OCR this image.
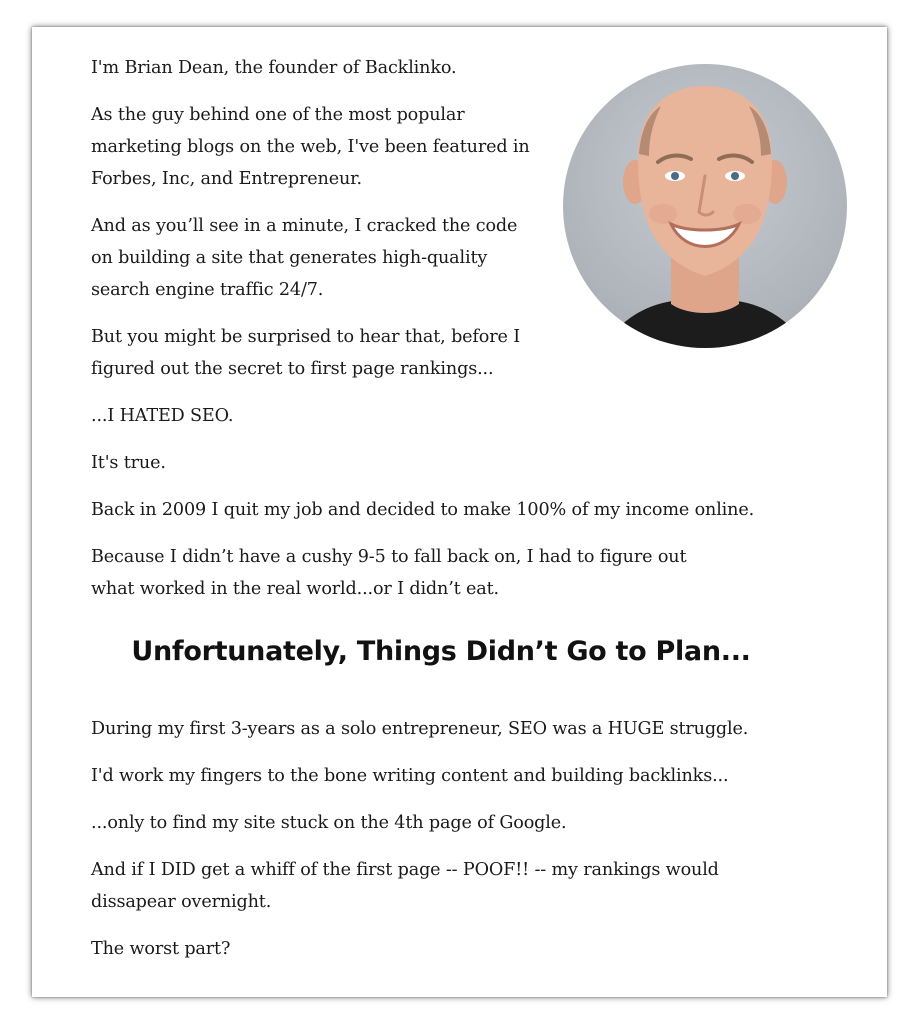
I'm Brian Dean, the founder of Backlinko.

As the guy behind one of the most popular marketing blogs on the web, I've been featured in Forbes, Inc, and Entrepreneur.

And as you’ll see in a minute, I cracked the code on building a site that generates high-quality search engine traffic 24/7.

But you might be surprised to hear that, before I figured out the secret to first page rankings...

...I HATED SEO.

It's true.

Back in 2009 I quit my job and decided to make 100% of my income online.

Because I didn’t have a cushy 9-5 to fall back on, I had to figure out what worked in the real world...or I didn’t eat.

Unfortunately, Things Didn’t Go to Plan...

During my first 3-years as a solo entrepreneur, SEO was a HUGE struggle.

I'd work my fingers to the bone writing content and building backlinks...

...only to find my site stuck on the 4th page of Google.

And if I DID get a whiff of the first page -- POOF!! -- my rankings would dissapear overnight.

The worst part?
